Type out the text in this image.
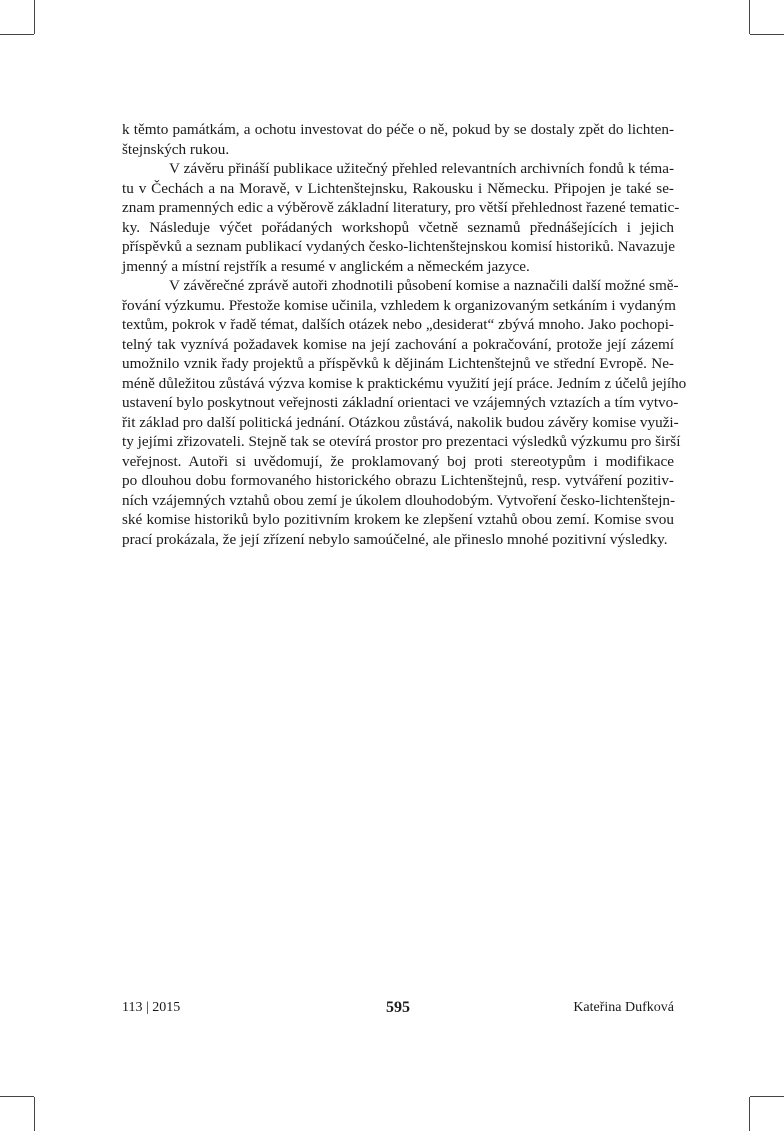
k těmto památkám, a ochotu investovat do péče o ně, pokud by se dostaly zpět do lichten-
štejnských rukou.
V závěru přináší publikace užitečný přehled relevantních archivních fondů k téma-
tu v Čechách a na Moravě, v Lichtenštejnsku, Rakousku i Německu. Připojen je také se-
znam pramenných edic a výběrově základní literatury, pro větší přehlednost řazené tematic-
ky. Následuje výčet pořádaných workshopů včetně seznamů přednášejících i jejich
příspěvků a seznam publikací vydaných česko-lichtenštejnskou komisí historiků. Navazuje
jmenný a místní rejstřík a resumé v anglickém a německém jazyce.
V závěrečné zprávě autoři zhodnotili působení komise a naznačili další možné smě-
řování výzkumu. Přestože komise učinila, vzhledem k organizovaným setkáním i vydaným
textům, pokrok v řadě témat, dalších otázek nebo „desiderat“ zbývá mnoho. Jako pochopi-
telný tak vyznívá požadavek komise na její zachování a pokračování, protože její zázemí
umožnilo vznik řady projektů a příspěvků k dějinám Lichtenštejnů ve střední Evropě. Ne-
méně důležitou zůstává výzva komise k praktickému využití její práce. Jedním z účelů jejího
ustavení bylo poskytnout veřejnosti základní orientaci ve vzájemných vztazích a tím vytvo-
řit základ pro další politická jednání. Otázkou zůstává, nakolik budou závěry komise využi-
ty jejími zřizovateli. Stejně tak se otevírá prostor pro prezentaci výsledků výzkumu pro širší
veřejnost. Autoři si uvědomují, že proklamovaný boj proti stereotypům i modifikace
po dlouhou dobu formovaného historického obrazu Lichtenštejnů, resp. vytváření pozitiv-
ních vzájemných vztahů obou zemí je úkolem dlouhodobým. Vytvoření česko-lichtenštejn-
ské komise historiků bylo pozitivním krokem ke zlepšení vztahů obou zemí. Komise svou
prací prokázala, že její zřízení nebylo samoúčelné, ale přineslo mnohé pozitivní výsledky.
113 | 2015	595	Kateřina Dufková
